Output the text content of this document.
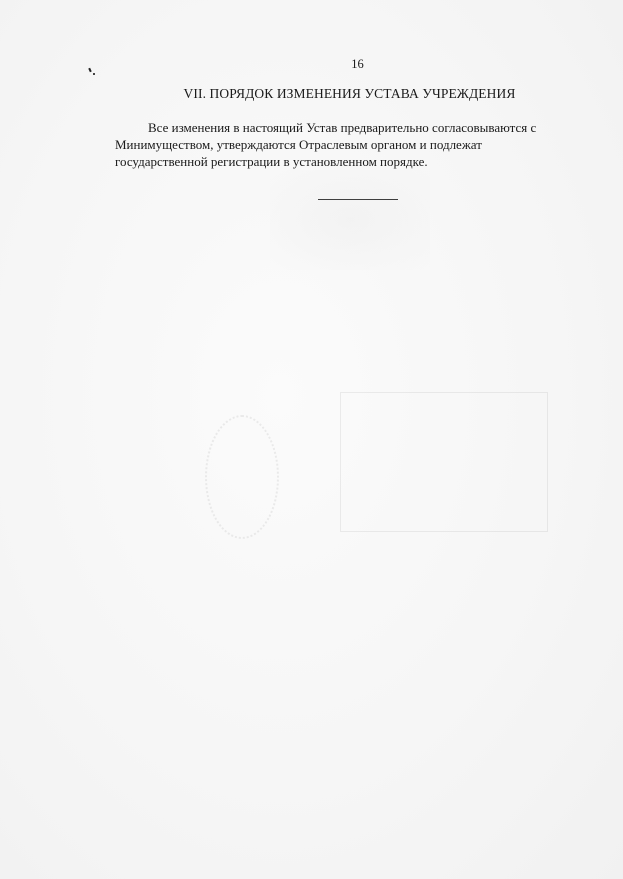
16
VII. ПОРЯДОК ИЗМЕНЕНИЯ УСТАВА УЧРЕЖДЕНИЯ
Все изменения в настоящий Устав предварительно согласовываются с
Минимуществом, утверждаются Отраслевым органом и подлежат
государственной регистрации в установленном порядке.
